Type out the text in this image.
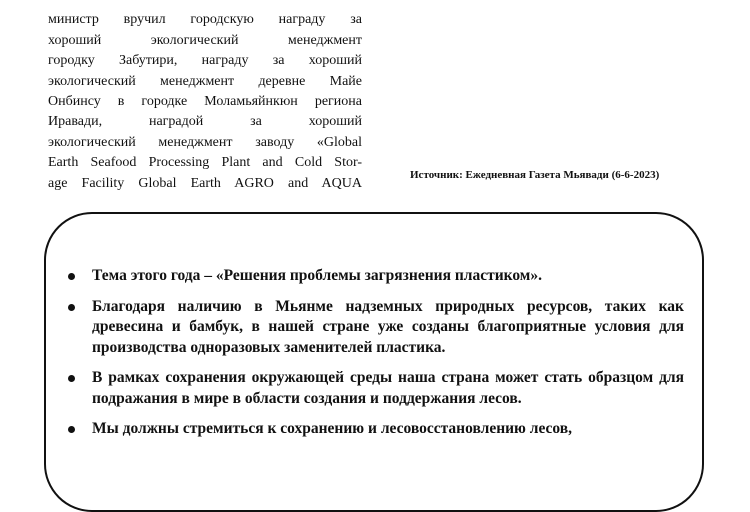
министр вручил городскую награду за
хороший экологический менеджмент
городку Забутири, награду за хороший
экологический менеджмент деревне Майе
Онбинсу в городке Моламьяйнкюн региона
Иравади, наградой за хороший
экологический менеджмент заводу «Global
Earth Seafood Processing Plant and Cold Stor-
age Facility Global Earth AGRO and AQUA
Источник: Ежедневная Газета Мьявади (6-6-2023)
Тема этого года – «Решения проблемы загрязнения пластиком».
Благодаря наличию в Мьянме надземных природных ресурсов, таких как древесина и бамбук, в нашей стране уже созданы благоприятные условия для производства одноразовых заменителей пластика.
В рамках сохранения окружающей среды наша страна может стать образцом для подражания в мире в области создания и поддержания лесов.
Мы должны стремиться к сохранению и лесовосстановлению лесов,
